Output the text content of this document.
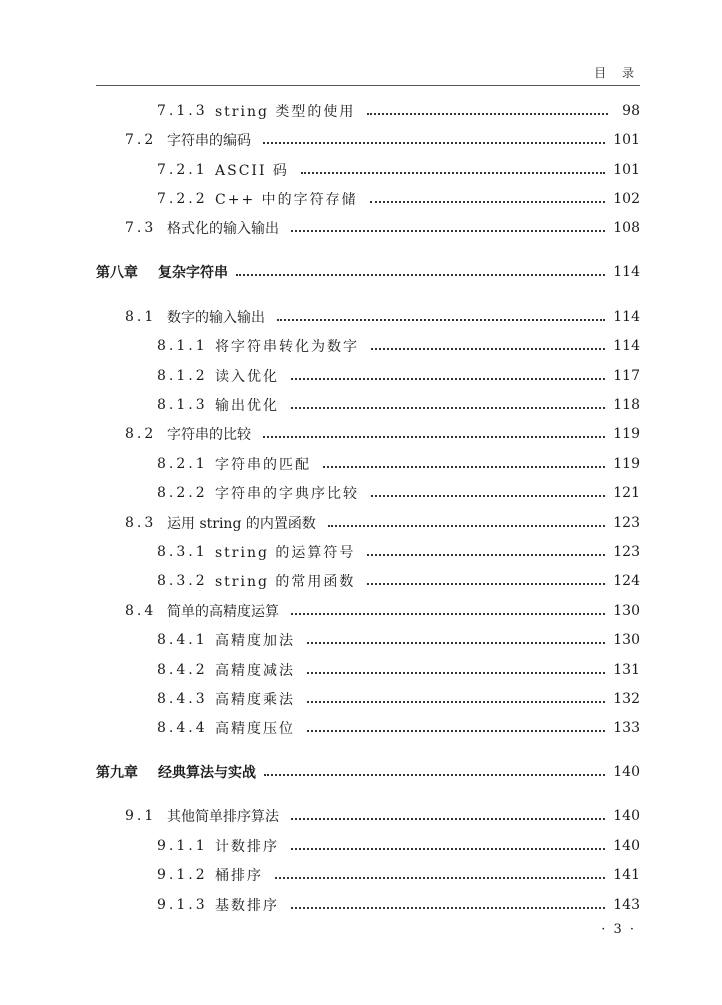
目 录
7.1.3 string 类型的使用	98
7.2 字符串的编码	101
7.2.1 ASCII 码	101
7.2.2 C++ 中的字符存储	102
7.3 格式化的输入输出	108
第八章	复杂字符串	114
8.1 数字的输入输出	114
8.1.1 将字符串转化为数字	114
8.1.2 读入优化	117
8.1.3 输出优化	118
8.2 字符串的比较	119
8.2.1 字符串的匹配	119
8.2.2 字符串的字典序比较	121
8.3 运用 string 的内置函数	123
8.3.1 string 的运算符号	123
8.3.2 string 的常用函数	124
8.4 简单的高精度运算	130
8.4.1 高精度加法	130
8.4.2 高精度减法	131
8.4.3 高精度乘法	132
8.4.4 高精度压位	133
第九章	经典算法与实战	140
9.1 其他简单排序算法	140
9.1.1 计数排序	140
9.1.2 桶排序	141
9.1.3 基数排序	143
· 3 ·
